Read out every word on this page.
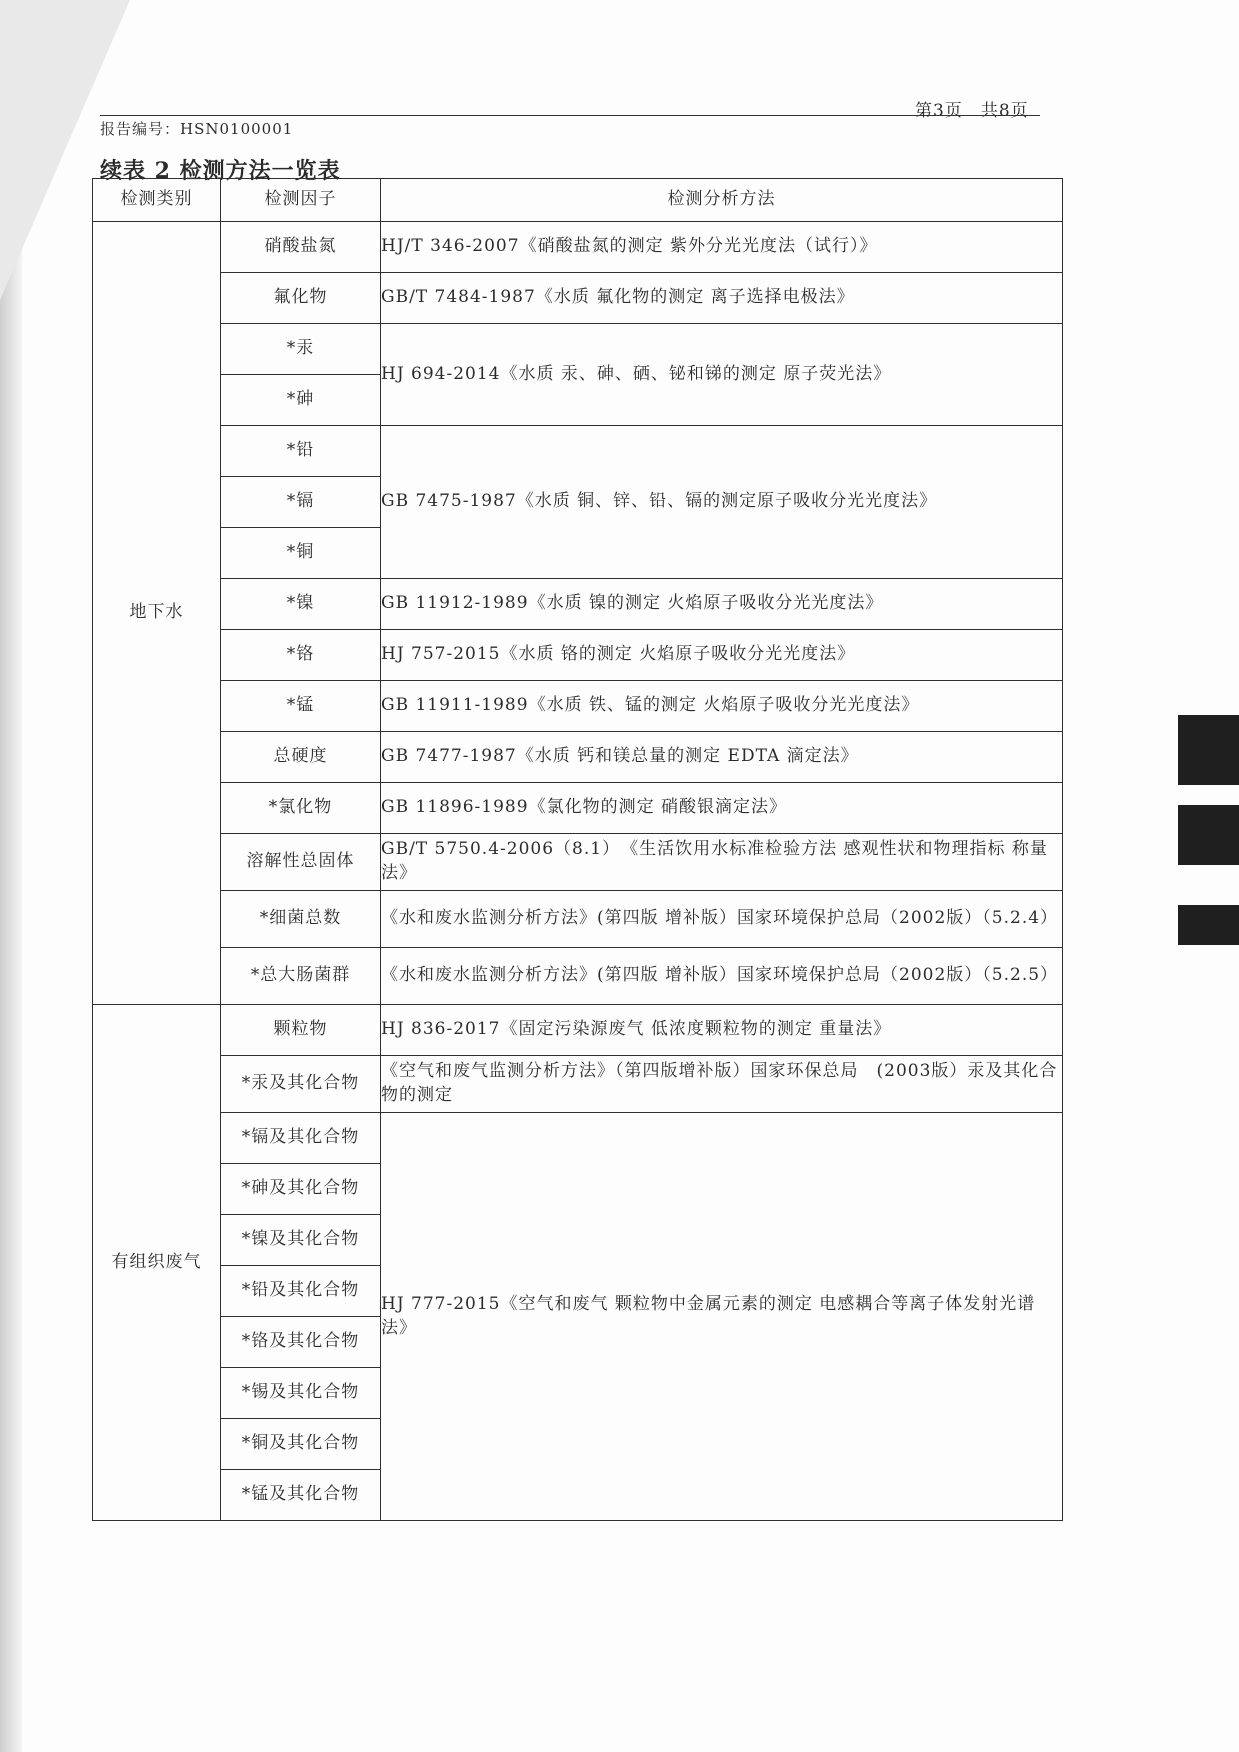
第3页　共8页
报告编号：HSN0100001
续表 2 检测方法一览表
检测类别	检测因子	检测分析方法
地下水	硝酸盐氮	HJ/T 346-2007《硝酸盐氮的测定 紫外分光光度法（试行）》
	氟化物	GB/T 7484-1987《水质 氟化物的测定 离子选择电极法》
	*汞	HJ 694-2014《水质 汞、砷、硒、铋和锑的测定 原子荧光法》
	*砷	
	*铅	GB 7475-1987《水质 铜、锌、铅、镉的测定原子吸收分光光度法》
	*镉	
	*铜	
	*镍	GB 11912-1989《水质 镍的测定 火焰原子吸收分光光度法》
	*铬	HJ 757-2015《水质 铬的测定 火焰原子吸收分光光度法》
	*锰	GB 11911-1989《水质 铁、锰的测定 火焰原子吸收分光光度法》
	总硬度	GB 7477-1987《水质 钙和镁总量的测定 EDTA 滴定法》
	*氯化物	GB 11896-1989《氯化物的测定 硝酸银滴定法》
	溶解性总固体	GB/T 5750.4-2006（8.1）　《生活饮用水标准检验方法 感观性状和物理指标 称量法》
	*细菌总数	《水和废水监测分析方法》(第四版 增补版）国家环境保护总局（2002版）（5.2.4）
	*总大肠菌群	《水和废水监测分析方法》(第四版 增补版）国家环境保护总局（2002版）（5.2.5）
有组织废气	颗粒物	HJ 836-2017《固定污染源废气 低浓度颗粒物的测定 重量法》
	*汞及其化合物	《空气和废气监测分析方法》（第四版增补版）国家环保总局　(2003版）汞及其化合物的测定
	*镉及其化合物	HJ 777-2015《空气和废气 颗粒物中金属元素的测定 电感耦合等离子体发射光谱法》
	*砷及其化合物	
	*镍及其化合物	
	*铅及其化合物	
	*铬及其化合物	
	*锡及其化合物	
	*铜及其化合物	
	*锰及其化合物	
